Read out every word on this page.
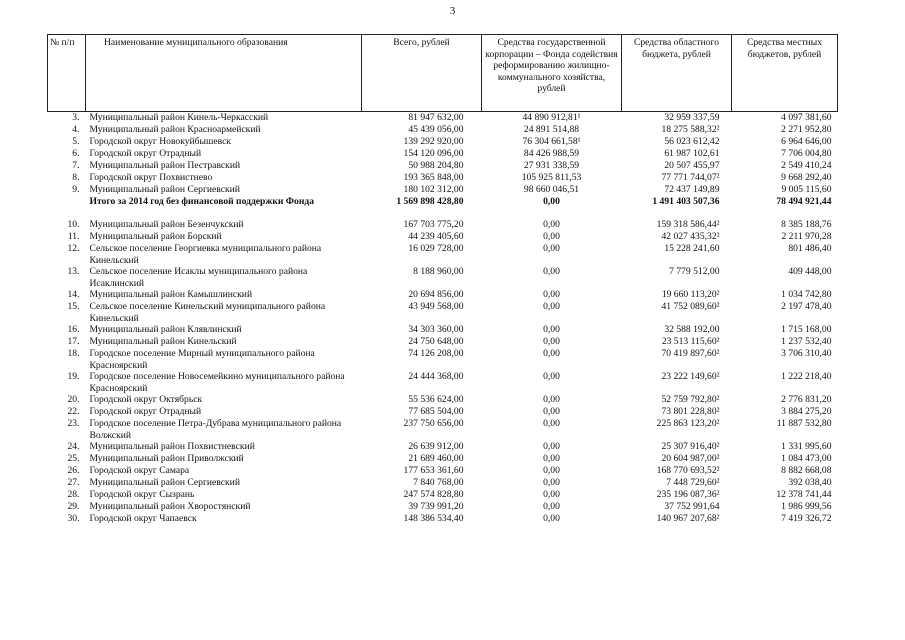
3
№ п/п	Наименование муниципального образования	Всего, рублей	Средства государственной корпорации – Фонда содействия реформированию жилищно-коммунального хозяйства, рублей	Средства областного бюджета, рублей	Средства местных бюджетов, рублей
3.	Муниципальный район Кинель-Черкасский	81 947 632,00	44 890 912,81¹	32 959 337,59	4 097 381,60
4.	Муниципальный район Красноармейский	45 439 056,00	24 891 514,88	18 275 588,32²	2 271 952,80
5.	Городской округ Новокуйбышевск	139 292 920,00	76 304 661,58¹	56 023 612,42	6 964 646,00
6.	Городской округ Отрадный	154 120 096,00	84 426 988,59	61 987 102,61	7 706 004,80
7.	Муниципальный район Пестравский	50 988 204,80	27 931 338,59	20 507 455,97	2 549 410,24
8.	Городской округ Похвистнево	193 365 848,00	105 925 811,53	77 771 744,07²	9 668 292,40
9.	Муниципальный район Сергиевский	180 102 312,00	98 660 046,51	72 437 149,89	9 005 115,60
	Итого за 2014 год без финансовой поддержки Фонда	1 569 898 428,80	0,00	1 491 403 507,36	78 494 921,44
10.	Муниципальный район Безенчукский	167 703 775,20	0,00	159 318 586,44²	8 385 188,76
11.	Муниципальный район Борский	44 239 405,60	0,00	42 027 435,32²	2 211 970,28
12.	Сельское поселение Георгиевка муниципального района Кинельский	16 029 728,00	0,00	15 228 241,60	801 486,40
13.	Сельское поселение Исаклы муниципального района Исаклинский	8 188 960,00	0,00	7 779 512,00	409 448,00
14.	Муниципальный район Камышлинский	20 694 856,00	0,00	19 660 113,20²	1 034 742,80
15.	Сельское поселение Кинельский муниципального района Кинельский	43 949 568,00	0,00	41 752 089,60²	2 197 478,40
16.	Муниципальный район Клявлинский	34 303 360,00	0,00	32 588 192,00	1 715 168,00
17.	Муниципальный район Кинельский	24 750 648,00	0,00	23 513 115,60²	1 237 532,40
18.	Городское поселение Мирный муниципального района Красноярский	74 126 208,00	0,00	70 419 897,60²	3 706 310,40
19.	Городское поселение Новосемейкино муниципального района Красноярский	24 444 368,00	0,00	23 222 149,60²	1 222 218,40
20.	Городской округ Октябрьск	55 536 624,00	0,00	52 759 792,80²	2 776 831,20
22.	Городской округ Отрадный	77 685 504,00	0,00	73 801 228,80²	3 884 275,20
23.	Городское поселение Петра-Дубрава муниципального района Волжский	237 750 656,00	0,00	225 863 123,20²	11 887 532,80
24.	Муниципальный район Похвистневский	26 639 912,00	0,00	25 307 916,40²	1 331 995,60
25.	Муниципальный район Приволжский	21 689 460,00	0,00	20 604 987,00²	1 084 473,00
26.	Городской округ Самара	177 653 361,60	0,00	168 770 693,52²	8 882 668,08
27.	Муниципальный район Сергиевский	7 840 768,00	0,00	7 448 729,60²	392 038,40
28.	Городской округ Сызрань	247 574 828,80	0,00	235 196 087,36²	12 378 741,44
29.	Муниципальный район Хворостянский	39 739 991,20	0,00	37 752 991,64	1 986 999,56
30.	Городской округ Чапаевск	148 386 534,40	0,00	140 967 207,68²	7 419 326,72
